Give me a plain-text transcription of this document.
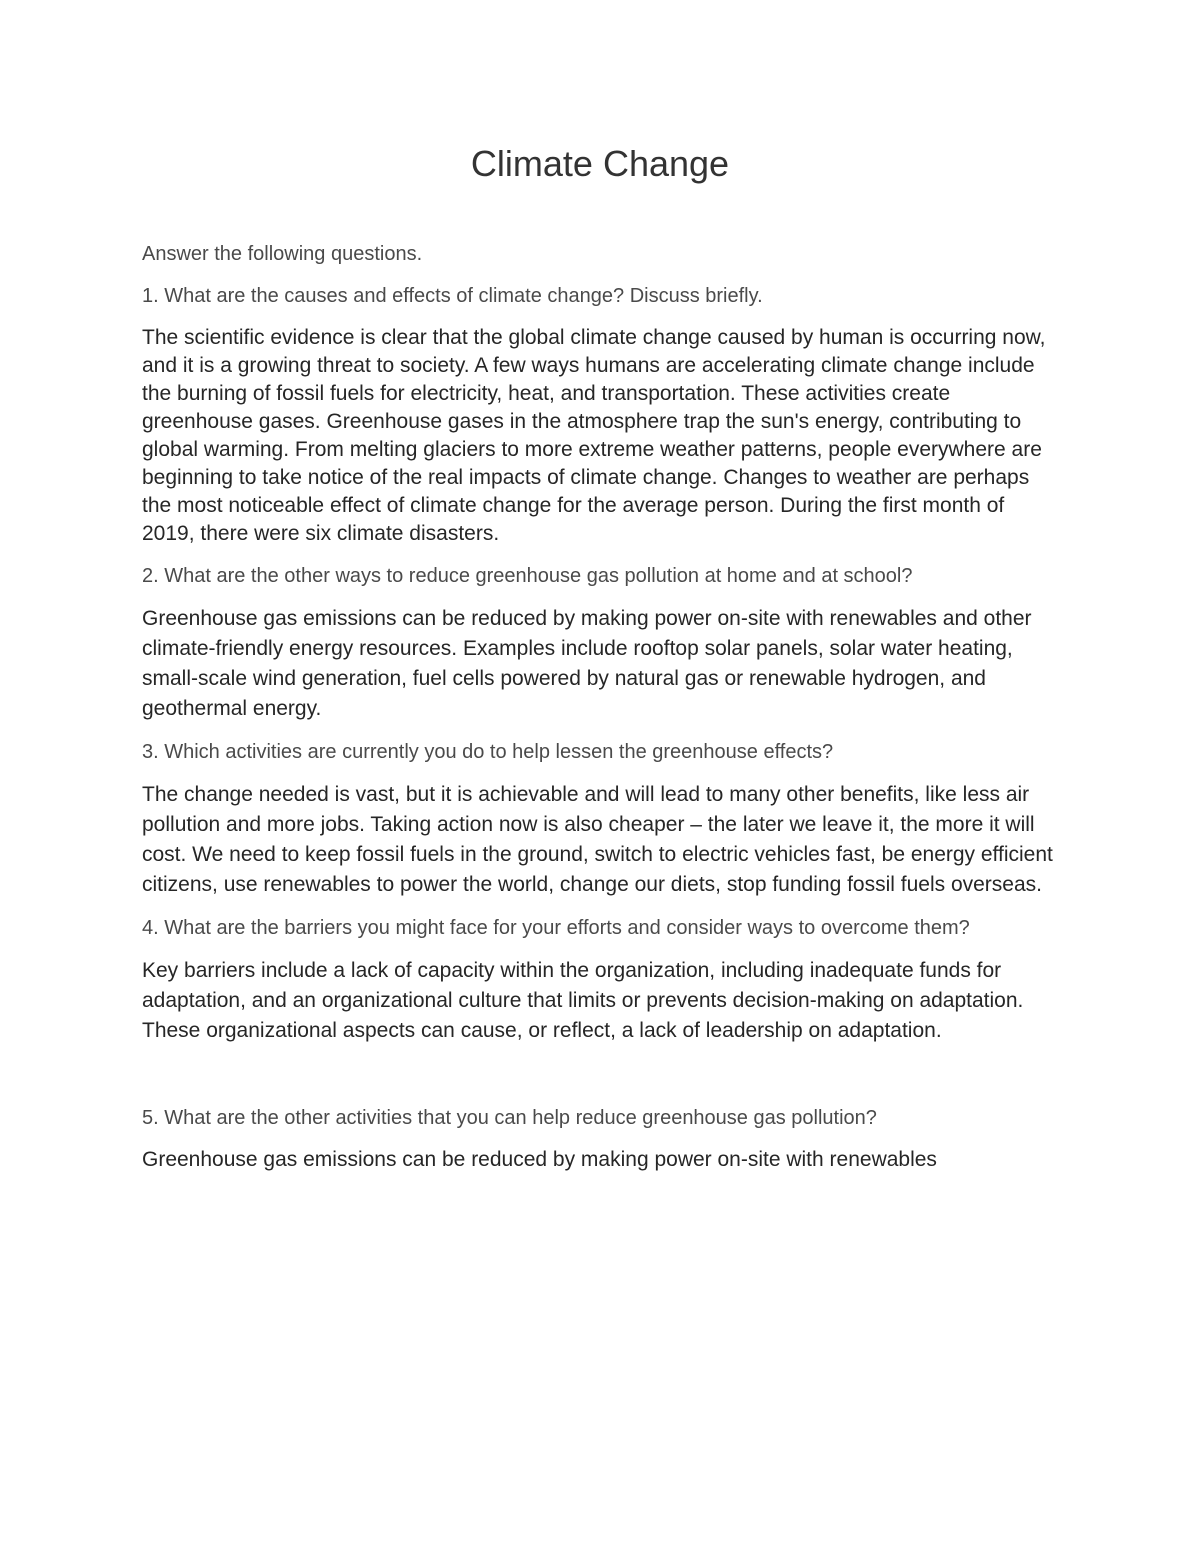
Climate Change

Answer the following questions.

1. What are the causes and effects of climate change? Discuss briefly.

The scientific evidence is clear that the global climate change caused by human is occurring now, and it is a growing threat to society. A few ways humans are accelerating climate change include the burning of fossil fuels for electricity, heat, and transportation. These activities create greenhouse gases. Greenhouse gases in the atmosphere trap the sun's energy, contributing to global warming. From melting glaciers to more extreme weather patterns, people everywhere are beginning to take notice of the real impacts of climate change. Changes to weather are perhaps the most noticeable effect of climate change for the average person. During the first month of 2019, there were six climate disasters.

2. What are the other ways to reduce greenhouse gas pollution at home and at school?

Greenhouse gas emissions can be reduced by making power on-site with renewables and other climate-friendly energy resources. Examples include rooftop solar panels, solar water heating, small-scale wind generation, fuel cells powered by natural gas or renewable hydrogen, and geothermal energy.

3. Which activities are currently you do to help lessen the greenhouse effects?

The change needed is vast, but it is achievable and will lead to many other benefits, like less air pollution and more jobs. Taking action now is also cheaper – the later we leave it, the more it will cost. We need to keep fossil fuels in the ground, switch to electric vehicles fast, be energy efficient citizens, use renewables to power the world, change our diets, stop funding fossil fuels overseas.

4. What are the barriers you might face for your efforts and consider ways to overcome them?

Key barriers include a lack of capacity within the organization, including inadequate funds for adaptation, and an organizational culture that limits or prevents decision-making on adaptation. These organizational aspects can cause, or reflect, a lack of leadership on adaptation.

5. What are the other activities that you can help reduce greenhouse gas pollution?

Greenhouse gas emissions can be reduced by making power on-site with renewables
